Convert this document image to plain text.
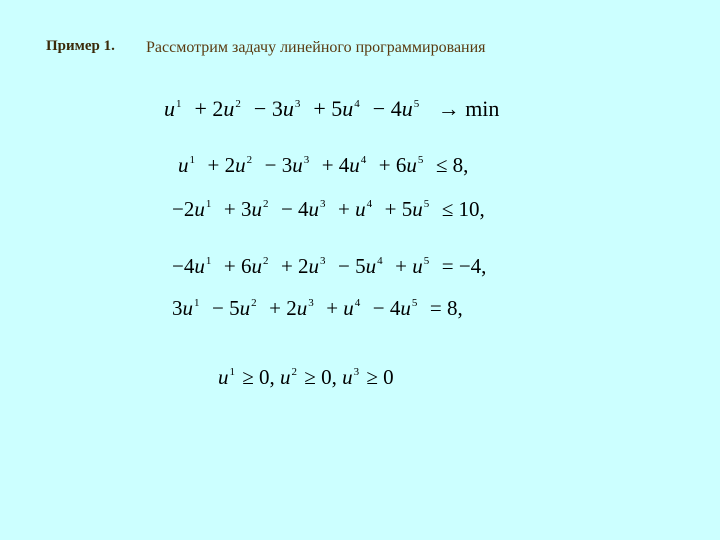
Пример 1. Рассмотрим задачу линейного программирования
$u^1 + 2u^2 - 3u^3 + 5u^4 - 4u^5 \to \min$
$u^1 + 2u^2 - 3u^3 + 4u^4 + 6u^5 \le 8$,
$-2u^1 + 3u^2 - 4u^3 + u^4 + 5u^5 \le 10$,
$-4u^1 + 6u^2 + 2u^3 - 5u^4 + u^5 = -4$,
$3u^1 - 5u^2 + 2u^3 + u^4 - 4u^5 = 8$,
$u^1 \ge 0$, $u^2 \ge 0$, $u^3 \ge 0$
